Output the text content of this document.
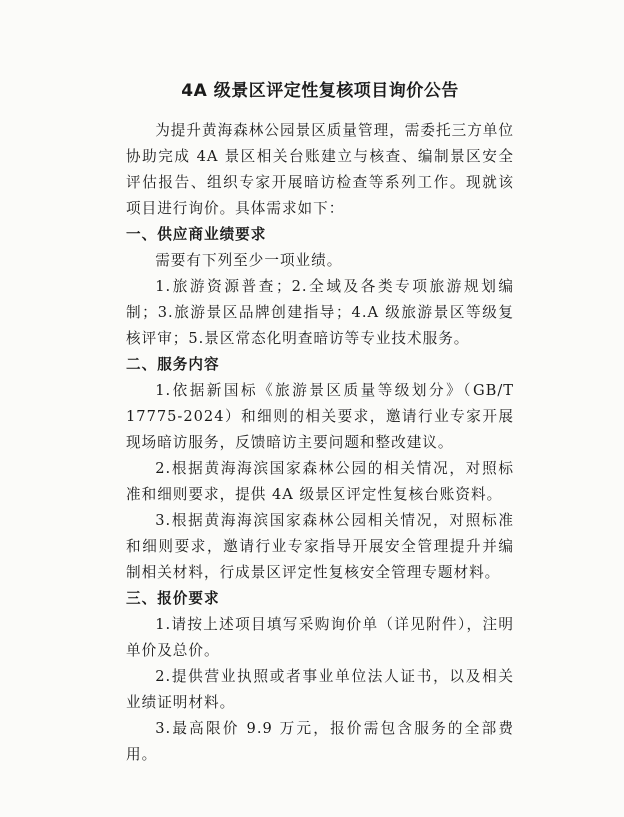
4A 级景区评定性复核项目询价公告

为提升黄海森林公园景区质量管理，需委托三方单位协助完成 4A 景区相关台账建立与核查、编制景区安全评估报告、组织专家开展暗访检查等系列工作。现就该项目进行询价。具体需求如下：

一、供应商业绩要求

需要有下列至少一项业绩。

1.旅游资源普查；2.全域及各类专项旅游规划编制；3.旅游景区品牌创建指导；4.A 级旅游景区等级复核评审；5.景区常态化明查暗访等专业技术服务。

二、服务内容

1.依据新国标《旅游景区质量等级划分》（GB/T 17775-2024）和细则的相关要求，邀请行业专家开展现场暗访服务，反馈暗访主要问题和整改建议。

2.根据黄海海滨国家森林公园的相关情况，对照标准和细则要求，提供 4A 级景区评定性复核台账资料。

3.根据黄海海滨国家森林公园相关情况，对照标准和细则要求，邀请行业专家指导开展安全管理提升并编制相关材料，行成景区评定性复核安全管理专题材料。

三、报价要求

1.请按上述项目填写采购询价单（详见附件），注明单价及总价。

2.提供营业执照或者事业单位法人证书，以及相关业绩证明材料。

3.最高限价 9.9 万元，报价需包含服务的全部费用。
